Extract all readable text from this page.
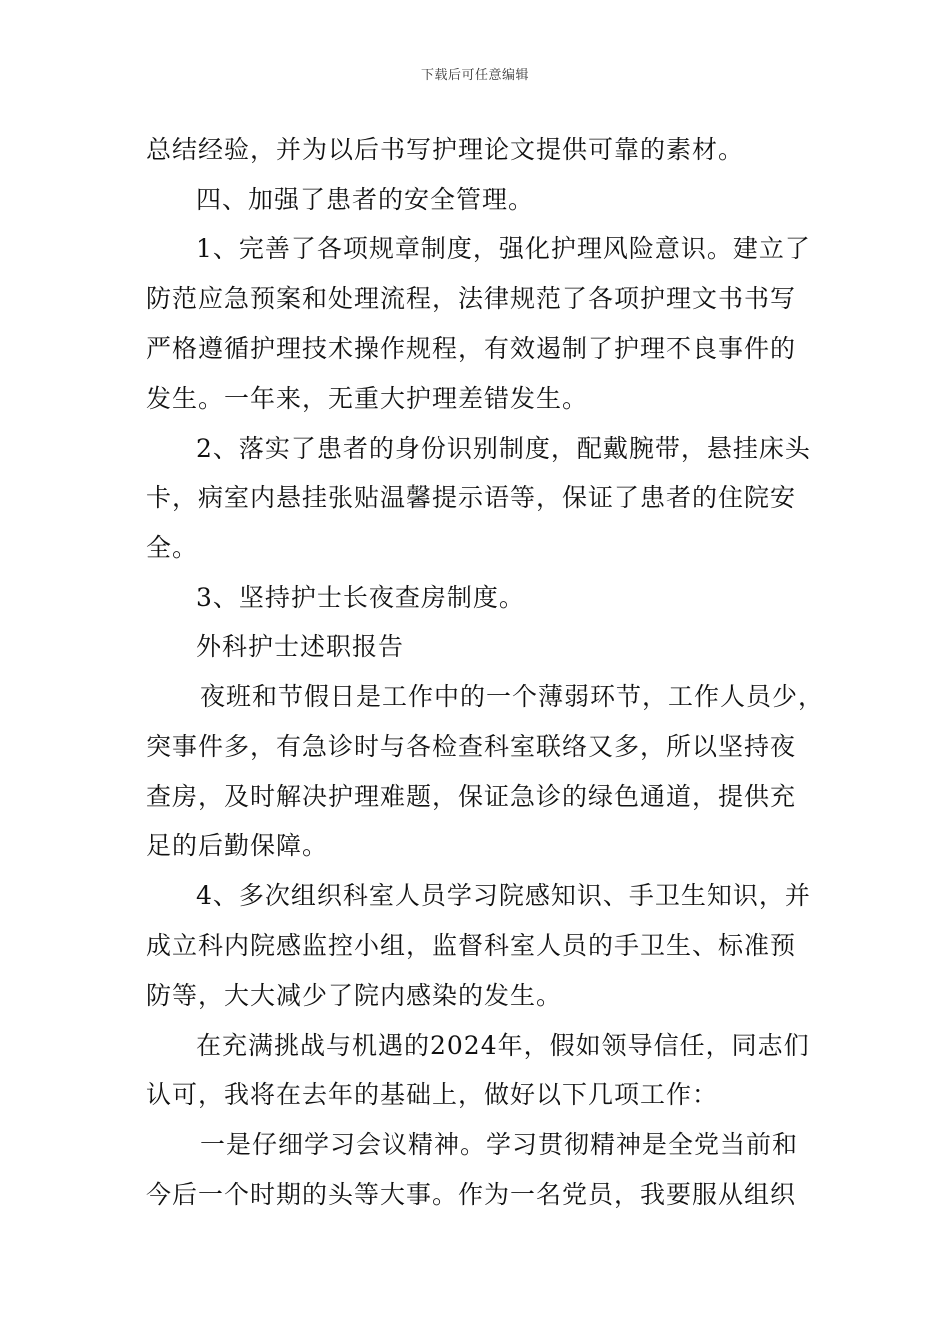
下载后可任意编辑
总结经验，并为以后书写护理论文提供可靠的素材。
四、加强了患者的安全管理。
1、完善了各项规章制度，强化护理风险意识。建立了
防范应急预案和处理流程，法律规范了各项护理文书书写
严格遵循护理技术操作规程，有效遏制了护理不良事件的
发生。一年来，无重大护理差错发生。
2、落实了患者的身份识别制度，配戴腕带，悬挂床头
卡，病室内悬挂张贴温馨提示语等，保证了患者的住院安
全。
3、坚持护士长夜查房制度。
外科护士述职报告
夜班和节假日是工作中的一个薄弱环节，工作人员少，
突事件多，有急诊时与各检查科室联络又多，所以坚持夜
查房，及时解决护理难题，保证急诊的绿色通道，提供充
足的后勤保障。
4、多次组织科室人员学习院感知识、手卫生知识，并
成立科内院感监控小组，监督科室人员的手卫生、标准预
防等，大大减少了院内感染的发生。
在充满挑战与机遇的2024年，假如领导信任，同志们
认可，我将在去年的基础上，做好以下几项工作：
一是仔细学习会议精神。学习贯彻精神是全党当前和
今后一个时期的头等大事。作为一名党员，我要服从组织
